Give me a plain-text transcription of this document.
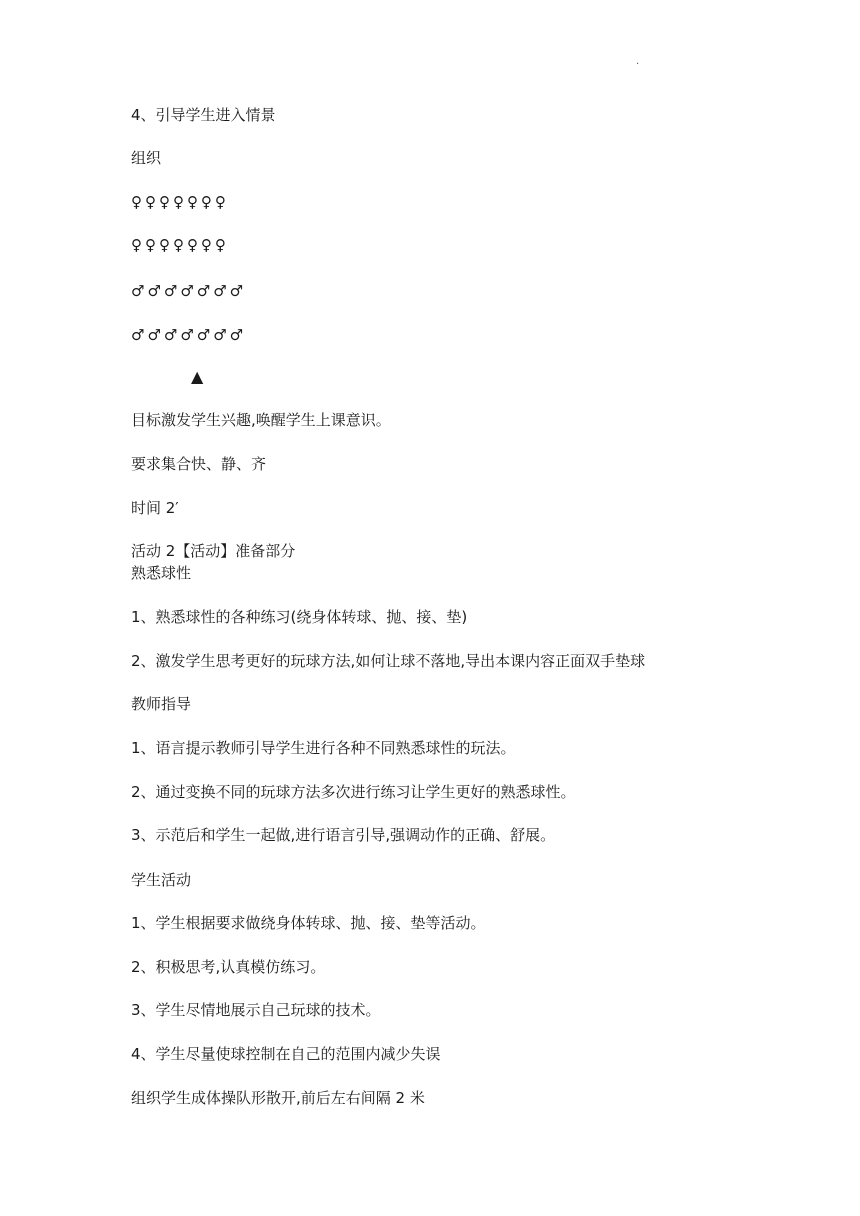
.
4、引导学生进入情景
组织
♀♀♀♀♀♀♀
♀♀♀♀♀♀♀
♂♂♂♂♂♂♂
♂♂♂♂♂♂♂
▲
目标激发学生兴趣,唤醒学生上课意识。
要求集合快、静、齐
时间 2′
活动 2【活动】准备部分
熟悉球性
1、熟悉球性的各种练习(绕身体转球、抛、接、垫)
2、激发学生思考更好的玩球方法,如何让球不落地,导出本课内容正面双手垫球
教师指导
1、语言提示教师引导学生进行各种不同熟悉球性的玩法。
2、通过变换不同的玩球方法多次进行练习让学生更好的熟悉球性。
3、示范后和学生一起做,进行语言引导,强调动作的正确、舒展。
学生活动
1、学生根据要求做绕身体转球、抛、接、垫等活动。
2、积极思考,认真模仿练习。
3、学生尽情地展示自己玩球的技术。
4、学生尽量使球控制在自己的范围内减少失误
组织学生成体操队形散开,前后左右间隔 2 米
